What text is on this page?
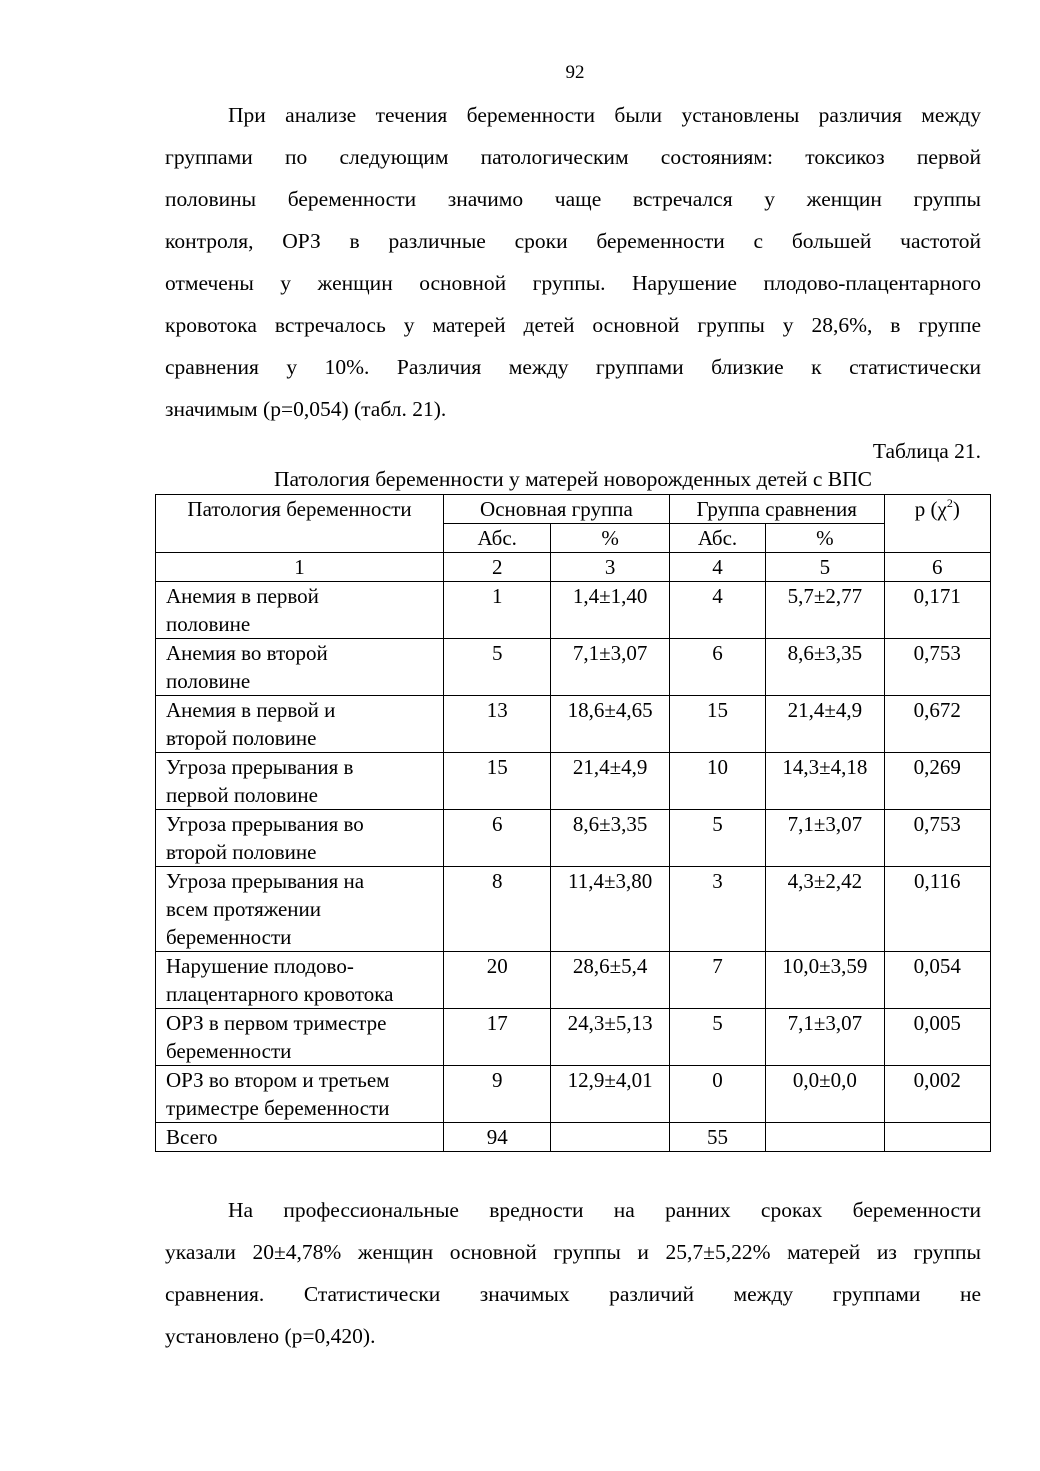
92

При анализе течения беременности были установлены различия между
группами по следующим патологическим состояниям: токсикоз первой
половины беременности значимо чаще встречался у женщин группы
контроля, ОРЗ в различные сроки беременности с большей частотой
отмечены у женщин основной группы. Нарушение плодово-плацентарного
кровотока встречалось у матерей детей основной группы у 28,6%, в группе
сравнения у 10%. Различия между группами близкие к статистически
значимым (p=0,054) (табл. 21).

Таблица 21.
Патология беременности у матерей новорожденных детей с ВПС
Патология беременности	Основная группа		Группа сравнения		p $(\chi^2)$
	Абс.	%	Абс.	%	
1	2	3	4	5	6
Анемия в первой
половине	1	1,4±1,40	4	5,7±2,77	0,171
Анемия во второй
половине	5	7,1±3,07	6	8,6±3,35	0,753
Анемия в первой и
второй половине	13	18,6±4,65	15	21,4±4,9	0,672
Угроза прерывания в
первой половине	15	21,4±4,9	10	14,3±4,18	0,269
Угроза прерывания во
второй половине	6	8,6±3,35	5	7,1±3,07	0,753
Угроза прерывания на
всем протяжении
беременности	8	11,4±3,80	3	4,3±2,42	0,116
Нарушение плодово-
плацентарного кровотока	20	28,6±5,4	7	10,0±3,59	0,054
ОРЗ в первом триместре
беременности	17	24,3±5,13	5	7,1±3,07	0,005
ОРЗ во втором и третьем
триместре беременности	9	12,9±4,01	0	0,0±0,0	0,002
Всего	94		55		

На профессиональные вредности на ранних сроках беременности
указали 20±4,78% женщин основной группы и 25,7±5,22% матерей из группы
сравнения. Статистически значимых различий между группами не
установлено (p=0,420).
